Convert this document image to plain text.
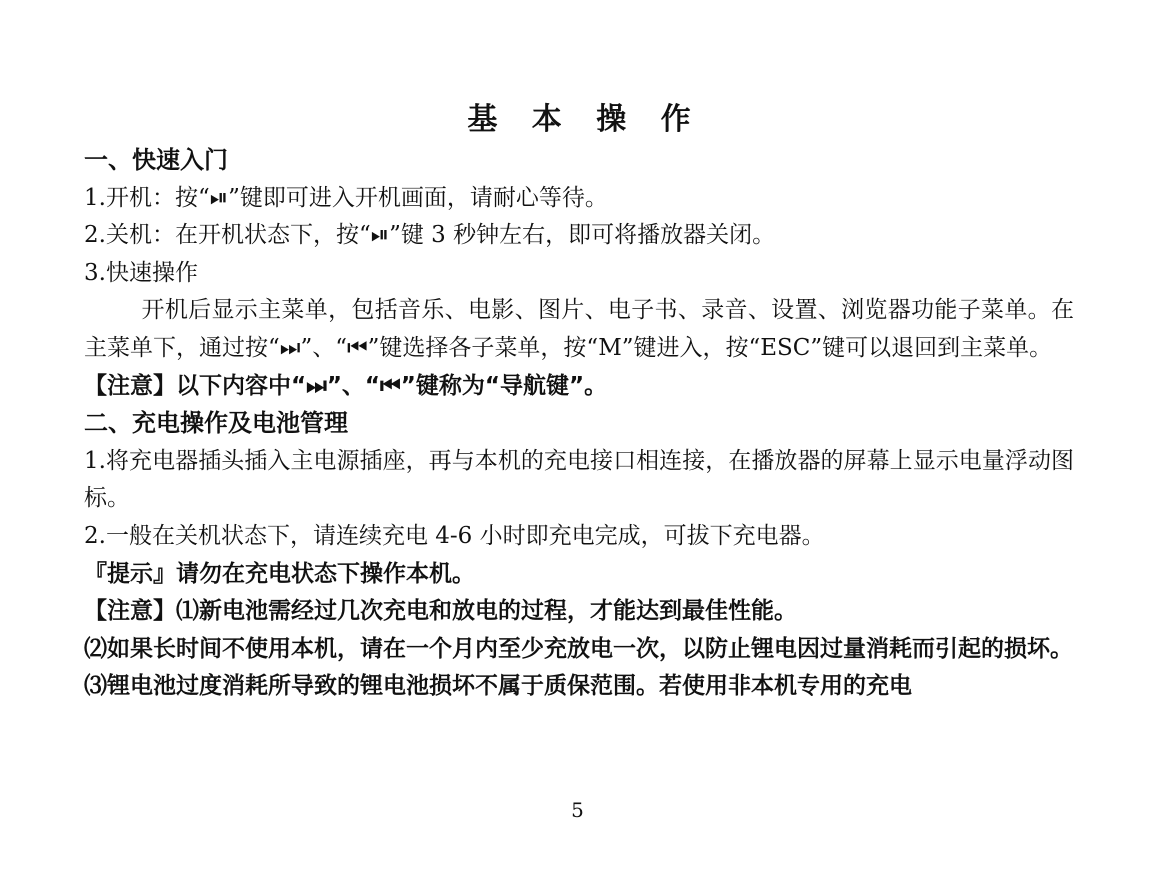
基 本 操 作
一、快速入门
1.开机：按“⏯”键即可进入开机画面，请耐心等待。
2.关机：在开机状态下，按“⏯”键 3 秒钟左右，即可将播放器关闭。
3.快速操作
开机后显示主菜单，包括音乐、电影、图片、电子书、录音、设置、浏览器功能子菜单。在主菜单下，通过按“⏭”、“⏮”键选择各子菜单，按“M”键进入，按“ESC”键可以退回到主菜单。
【注意】以下内容中“⏭”、“⏮”键称为“导航键”。
二、充电操作及电池管理
1.将充电器插头插入主电源插座，再与本机的充电接口相连接，在播放器的屏幕上显示电量浮动图标。
2.一般在关机状态下，请连续充电 4-6 小时即充电完成，可拔下充电器。
『提示』请勿在充电状态下操作本机。
【注意】⑴新电池需经过几次充电和放电的过程，才能达到最佳性能。
⑵如果长时间不使用本机，请在一个月内至少充放电一次，以防止锂电因过量消耗而引起的损坏。
⑶锂电池过度消耗所导致的锂电池损坏不属于质保范围。若使用非本机专用的充电
5
